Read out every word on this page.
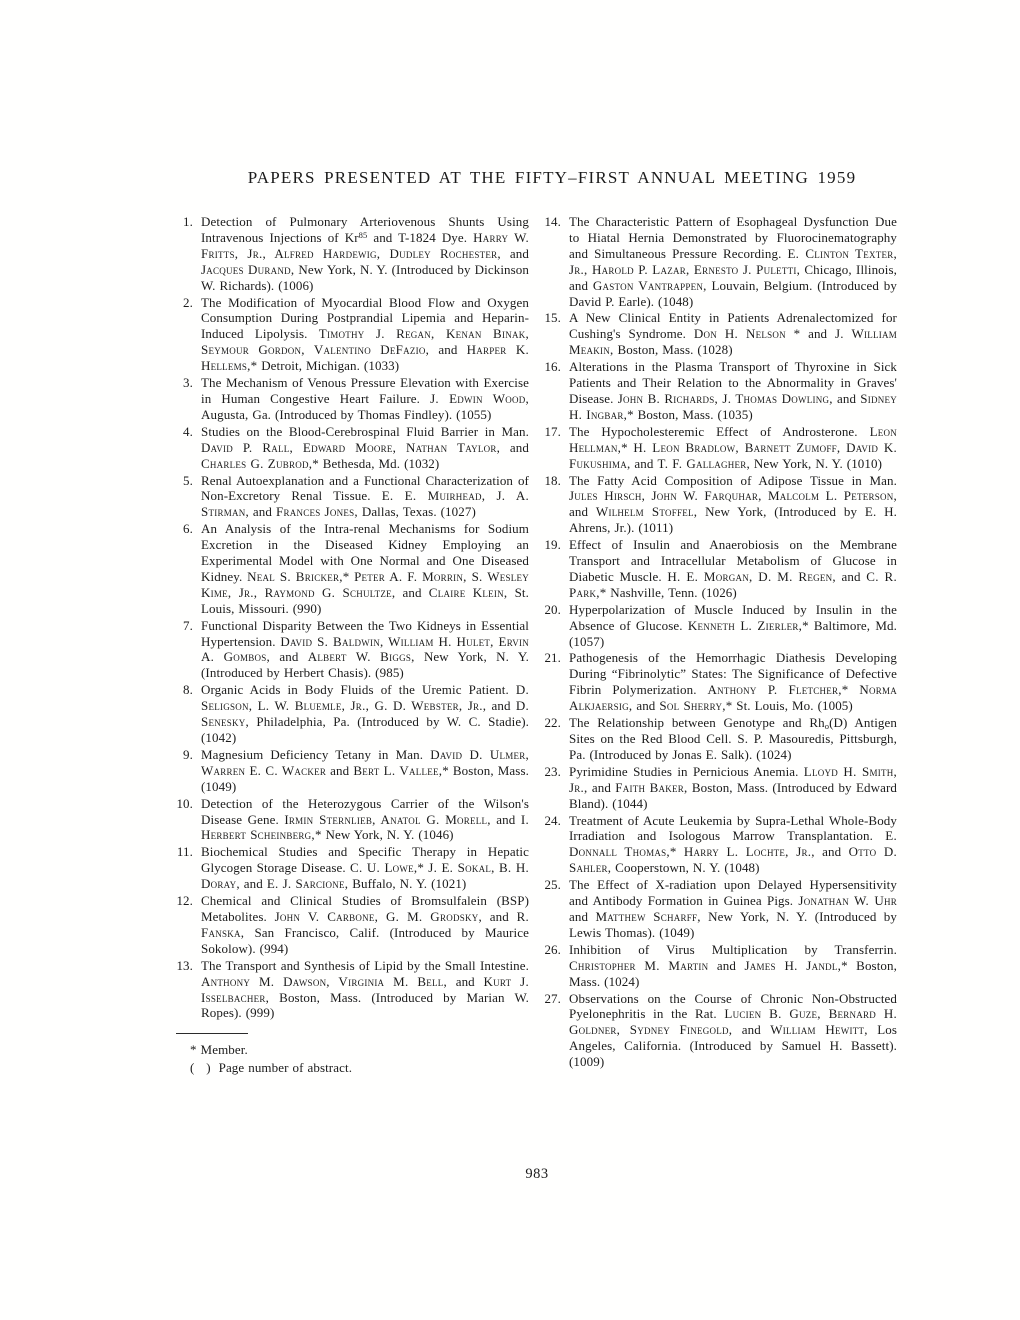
PAPERS PRESENTED AT THE FIFTY–FIRST ANNUAL MEETING 1959
1. Detection of Pulmonary Arteriovenous Shunts Using Intravenous Injections of Kr$^{85}$ and T-1824 Dye. Harry W. Fritts, Jr., Alfred Hardewig, Dudley Rochester, and Jacques Durand, New York, N. Y. (Introduced by Dickinson W. Richards). (1006)
2. The Modification of Myocardial Blood Flow and Oxygen Consumption During Postprandial Lipemia and Heparin-Induced Lipolysis. Timothy J. Regan, Kenan Binak, Seymour Gordon, Valentino DeFazio, and Harper K. Hellems,* Detroit, Michigan. (1033)
3. The Mechanism of Venous Pressure Elevation with Exercise in Human Congestive Heart Failure. J. Edwin Wood, Augusta, Ga. (Introduced by Thomas Findley). (1055)
4. Studies on the Blood-Cerebrospinal Fluid Barrier in Man. David P. Rall, Edward Moore, Nathan Taylor, and Charles G. Zubrod,* Bethesda, Md. (1032)
5. Renal Autoexplanation and a Functional Characterization of Non-Excretory Renal Tissue. E. E. Muirhead, J. A. Stirman, and Frances Jones, Dallas, Texas. (1027)
6. An Analysis of the Intra-renal Mechanisms for Sodium Excretion in the Diseased Kidney Employing an Experimental Model with One Normal and One Diseased Kidney. Neal S. Bricker,* Peter A. F. Morrin, S. Wesley Kime, Jr., Raymond G. Schultze, and Claire Klein, St. Louis, Missouri. (990)
7. Functional Disparity Between the Two Kidneys in Essential Hypertension. David S. Baldwin, William H. Hulet, Ervin A. Gombos, and Albert W. Biggs, New York, N. Y. (Introduced by Herbert Chasis). (985)
8. Organic Acids in Body Fluids of the Uremic Patient. D. Seligson, L. W. Bluemle, Jr., G. D. Webster, Jr., and D. Senesky, Philadelphia, Pa. (Introduced by W. C. Stadie). (1042)
9. Magnesium Deficiency Tetany in Man. David D. Ulmer, Warren E. C. Wacker and Bert L. Vallee,* Boston, Mass. (1049)
10. Detection of the Heterozygous Carrier of the Wilson's Disease Gene. Irmin Sternlieb, Anatol G. Morell, and I. Herbert Scheinberg,* New York, N. Y. (1046)
11. Biochemical Studies and Specific Therapy in Hepatic Glycogen Storage Disease. C. U. Lowe,* J. E. Sokal, B. H. Doray, and E. J. Sarcione, Buffalo, N. Y. (1021)
12. Chemical and Clinical Studies of Bromsulfalein (BSP) Metabolites. John V. Carbone, G. M. Grodsky, and R. Fanska, San Francisco, Calif. (Introduced by Maurice Sokolow). (994)
13. The Transport and Synthesis of Lipid by the Small Intestine. Anthony M. Dawson, Virginia M. Bell, and Kurt J. Isselbacher, Boston, Mass. (Introduced by Marian W. Ropes). (999)
* Member.
(   )  Page number of abstract.
14. The Characteristic Pattern of Esophageal Dysfunction Due to Hiatal Hernia Demonstrated by Fluorocinematography and Simultaneous Pressure Recording. E. Clinton Texter, Jr., Harold P. Lazar, Ernesto J. Puletti, Chicago, Illinois, and Gaston Vantrappen, Louvain, Belgium. (Introduced by David P. Earle). (1048)
15. A New Clinical Entity in Patients Adrenalectomized for Cushing's Syndrome. Don H. Nelson * and J. William Meakin, Boston, Mass. (1028)
16. Alterations in the Plasma Transport of Thyroxine in Sick Patients and Their Relation to the Abnormality in Graves' Disease. John B. Richards, J. Thomas Dowling, and Sidney H. Ingbar,* Boston, Mass. (1035)
17. The Hypocholesteremic Effect of Androsterone. Leon Hellman,* H. Leon Bradlow, Barnett Zumoff, David K. Fukushima, and T. F. Gallagher, New York, N. Y. (1010)
18. The Fatty Acid Composition of Adipose Tissue in Man. Jules Hirsch, John W. Farquhar, Malcolm L. Peterson, and Wilhelm Stoffel, New York, (Introduced by E. H. Ahrens, Jr.). (1011)
19. Effect of Insulin and Anaerobiosis on the Membrane Transport and Intracellular Metabolism of Glucose in Diabetic Muscle. H. E. Morgan, D. M. Regen, and C. R. Park,* Nashville, Tenn. (1026)
20. Hyperpolarization of Muscle Induced by Insulin in the Absence of Glucose. Kenneth L. Zierler,* Baltimore, Md. (1057)
21. Pathogenesis of the Hemorrhagic Diathesis Developing During “Fibrinolytic” States: The Significance of Defective Fibrin Polymerization. Anthony P. Fletcher,* Norma Alkjaersig, and Sol Sherry,* St. Louis, Mo. (1005)
22. The Relationship between Genotype and $Rh_o(D)$ Antigen Sites on the Red Blood Cell. S. P. Masouredis, Pittsburgh, Pa. (Introduced by Jonas E. Salk). (1024)
23. Pyrimidine Studies in Pernicious Anemia. Lloyd H. Smith, Jr., and Faith Baker, Boston, Mass. (Introduced by Edward Bland). (1044)
24. Treatment of Acute Leukemia by Supra-Lethal Whole-Body Irradiation and Isologous Marrow Transplantation. E. Donnall Thomas,* Harry L. Lochte, Jr., and Otto D. Sahler, Cooperstown, N. Y. (1048)
25. The Effect of X-radiation upon Delayed Hypersensitivity and Antibody Formation in Guinea Pigs. Jonathan W. Uhr and Matthew Scharff, New York, N. Y. (Introduced by Lewis Thomas). (1049)
26. Inhibition of Virus Multiplication by Transferrin. Christopher M. Martin and James H. Jandl,* Boston, Mass. (1024)
27. Observations on the Course of Chronic Non-Obstructed Pyelonephritis in the Rat. Lucien B. Guze, Bernard H. Goldner, Sydney Finegold, and William Hewitt, Los Angeles, California. (Introduced by Samuel H. Bassett). (1009)
983
